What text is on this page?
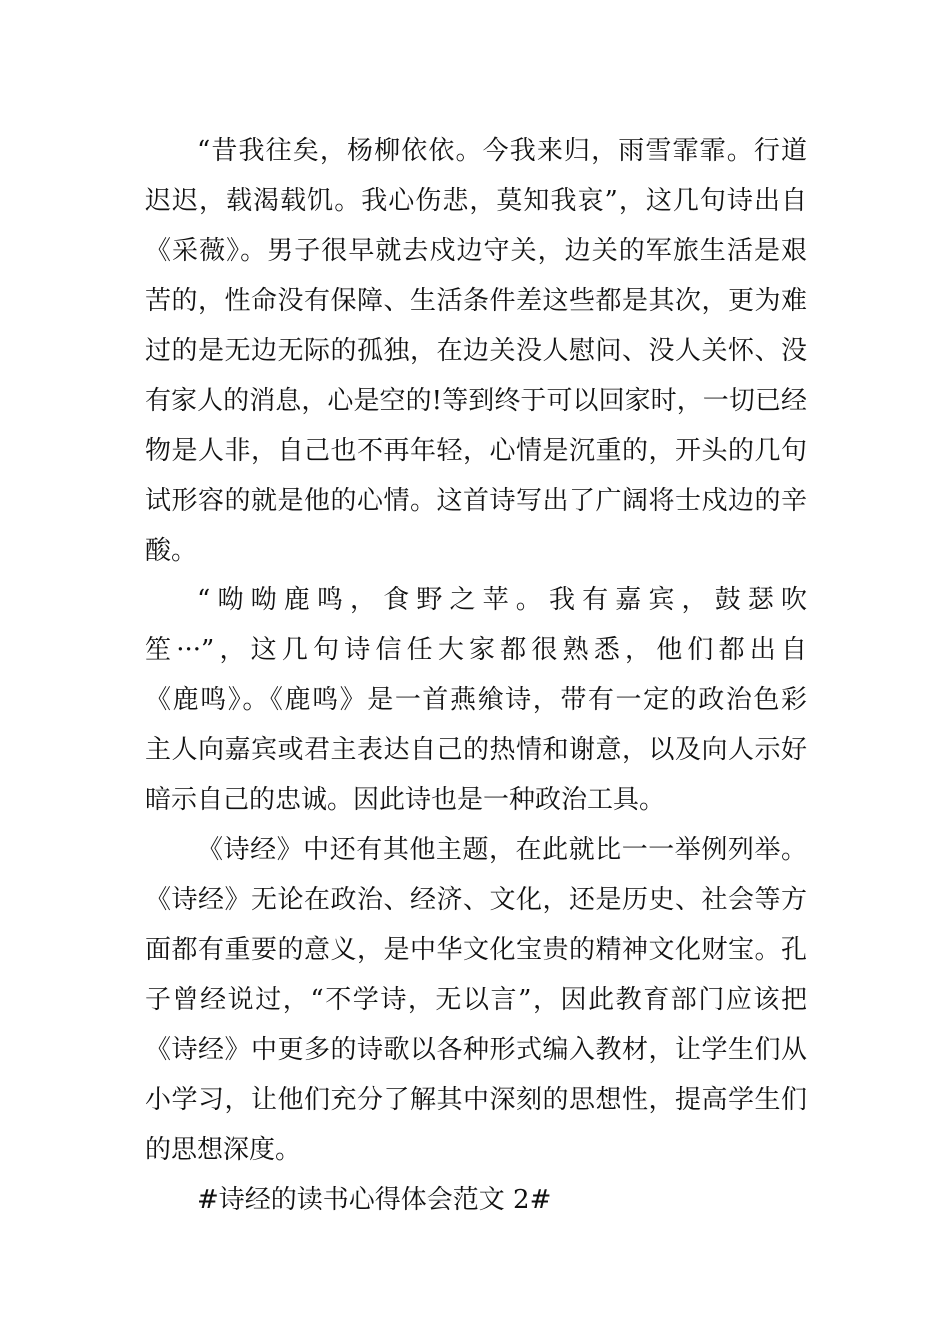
“昔我往矣，杨柳依依。今我来归，雨雪霏霏。行道
迟迟，载渴载饥。我心伤悲，莫知我哀”，这几句诗出自
《采薇》。男子很早就去戍边守关，边关的军旅生活是艰
苦的，性命没有保障、生活条件差这些都是其次，更为难
过的是无边无际的孤独，在边关没人慰问、没人关怀、没
有家人的消息，心是空的!等到终于可以回家时，一切已经
物是人非，自己也不再年轻，心情是沉重的，开头的几句
试形容的就是他的心情。这首诗写出了广阔将士戍边的辛
酸。
“呦呦鹿鸣，食野之苹。我有嘉宾，鼓瑟吹
笙···”，这几句诗信任大家都很熟悉，他们都出自
《鹿鸣》。《鹿鸣》是一首燕飨诗，带有一定的政治色彩
主人向嘉宾或君主表达自己的热情和谢意，以及向人示好
暗示自己的忠诚。因此诗也是一种政治工具。
《诗经》中还有其他主题，在此就比一一举例列举。
《诗经》无论在政治、经济、文化，还是历史、社会等方
面都有重要的意义，是中华文化宝贵的精神文化财宝。孔
子曾经说过，“不学诗，无以言”，因此教育部门应该把
《诗经》中更多的诗歌以各种形式编入教材，让学生们从
小学习，让他们充分了解其中深刻的思想性，提高学生们
的思想深度。
#诗经的读书心得体会范文 2#
